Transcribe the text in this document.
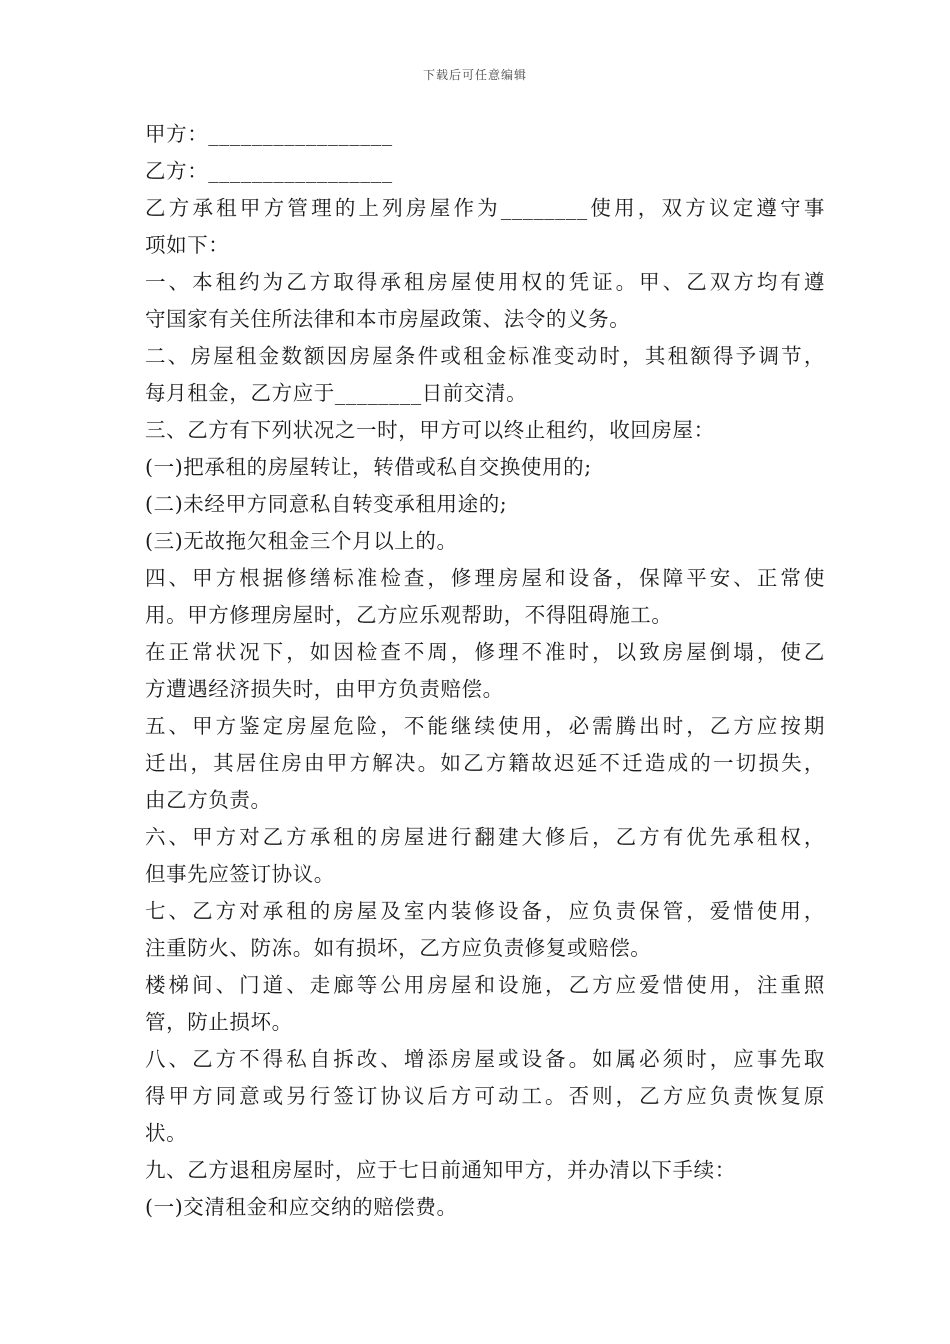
下载后可任意编辑
甲方：_________________
乙方：_________________
乙方承租甲方管理的上列房屋作为________使用，双方议定遵守事
项如下：
一、本租约为乙方取得承租房屋使用权的凭证。甲、乙双方均有遵
守国家有关住所法律和本市房屋政策、法令的义务。
二、房屋租金数额因房屋条件或租金标准变动时，其租额得予调节，
每月租金，乙方应于________日前交清。
三、乙方有下列状况之一时，甲方可以终止租约，收回房屋：
(一)把承租的房屋转让，转借或私自交换使用的;
(二)未经甲方同意私自转变承租用途的;
(三)无故拖欠租金三个月以上的。
四、甲方根据修缮标准检查，修理房屋和设备，保障平安、正常使
用。甲方修理房屋时，乙方应乐观帮助，不得阻碍施工。
在正常状况下，如因检查不周，修理不准时，以致房屋倒塌，使乙
方遭遇经济损失时，由甲方负责赔偿。
五、甲方鉴定房屋危险，不能继续使用，必需腾出时，乙方应按期
迁出，其居住房由甲方解决。如乙方籍故迟延不迁造成的一切损失，
由乙方负责。
六、甲方对乙方承租的房屋进行翻建大修后，乙方有优先承租权，
但事先应签订协议。
七、乙方对承租的房屋及室内装修设备，应负责保管，爱惜使用，
注重防火、防冻。如有损坏，乙方应负责修复或赔偿。
楼梯间、门道、走廊等公用房屋和设施，乙方应爱惜使用，注重照
管，防止损坏。
八、乙方不得私自拆改、增添房屋或设备。如属必须时，应事先取
得甲方同意或另行签订协议后方可动工。否则，乙方应负责恢复原
状。
九、乙方退租房屋时，应于七日前通知甲方，并办清以下手续：
(一)交清租金和应交纳的赔偿费。
